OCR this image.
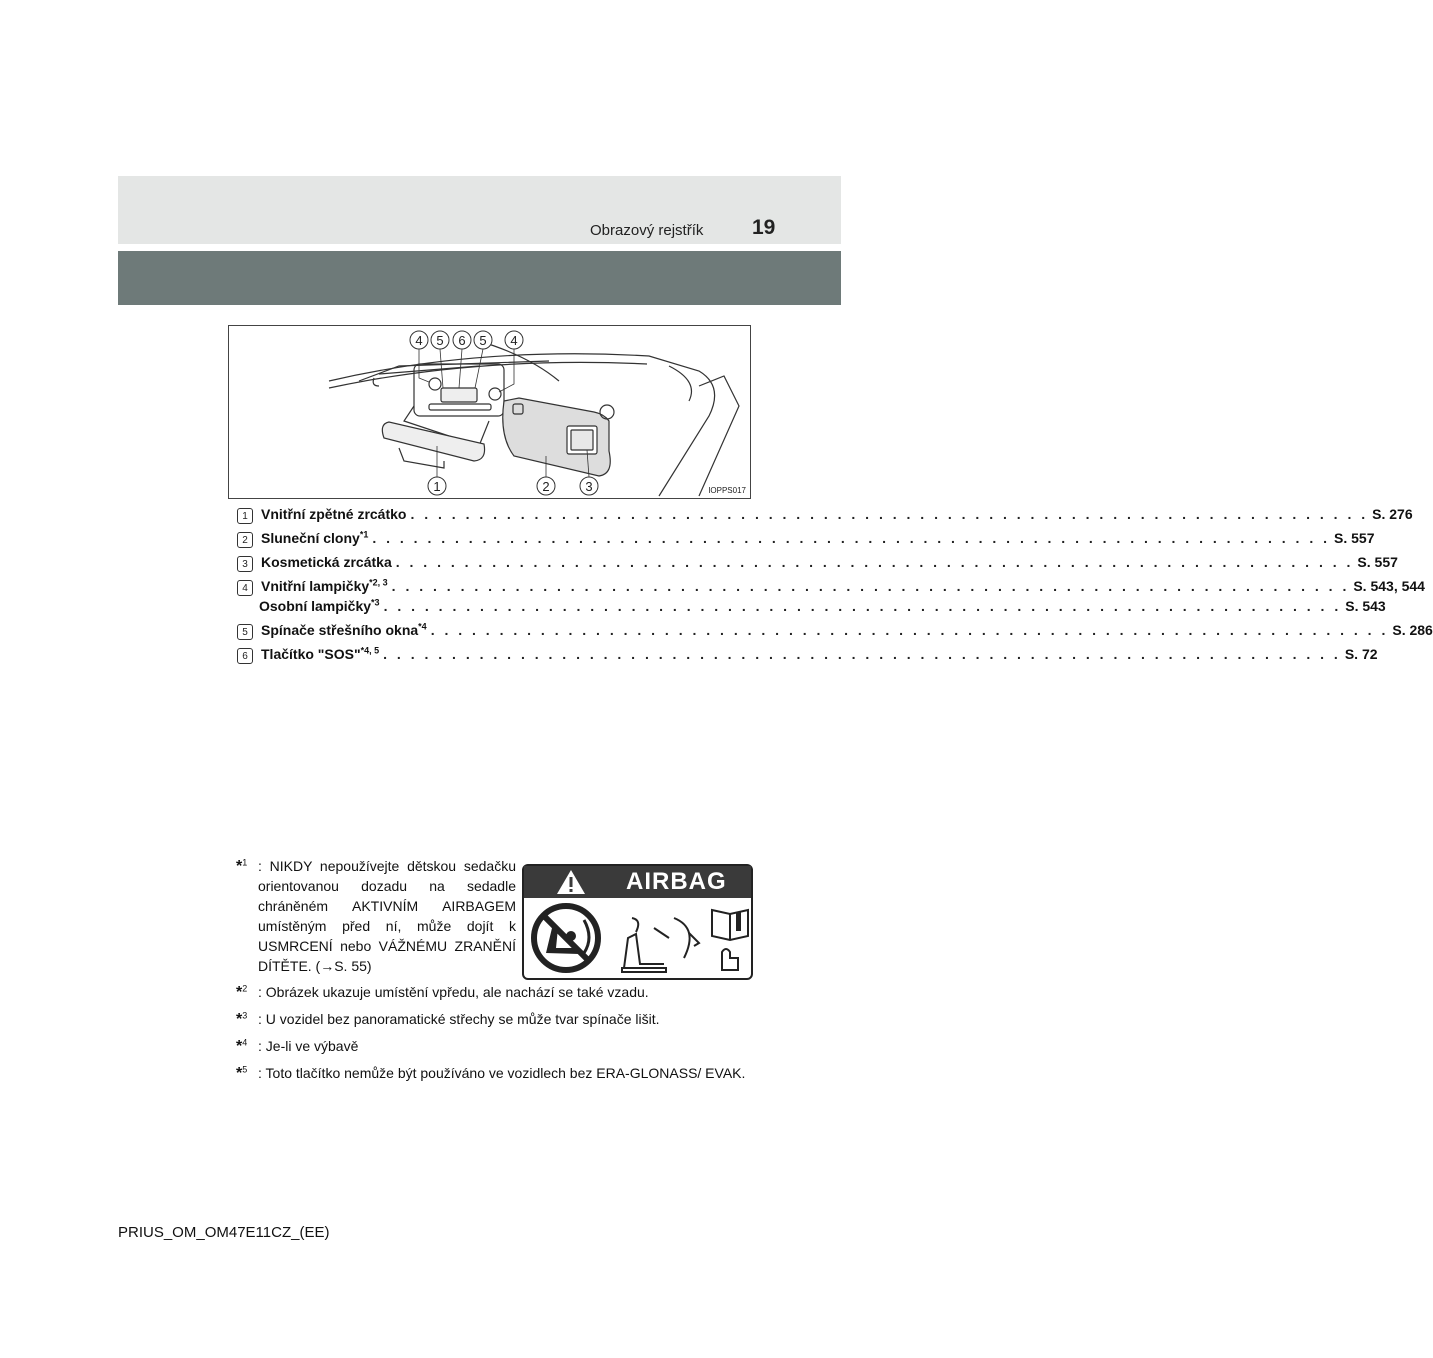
Obrazový rejstřík 19
4 5 6 5 4
1	2	3	IOPPS017
1 Vnitřní zpětné zrcátko . . .	S. 276
2 Sluneční clony$^{*1}$ . . .	S. 557
3 Kosmetická zrcátka . . .	S. 557
4 Vnitřní lampičky$^{*2, 3}$ . . .	S. 543, 544
Osobní lampičky$^{*3}$ . . .	S. 543
5 Spínače střešního okna$^{*4}$ . . .	S. 286
6 Tlačítko "SOS"$^{*4, 5}$ . . .	S. 72
*$^1$ : NIKDY nepoužívejte dětskou sedačku orientovanou dozadu na sedadle chráněném AKTIVNÍM AIRBAGEM umístěným před ní, může dojít k USMRCENÍ nebo VÁŽNÉMU ZRANĚNÍ DÍTĚTE. (→S. 55)
*$^2$ : Obrázek ukazuje umístění vpředu, ale nachází se také vzadu.
*$^3$ : U vozidel bez panoramatické střechy se může tvar spínače lišit.
*$^4$ : Je-li ve výbavě
*$^5$ : Toto tlačítko nemůže být používáno ve vozidlech bez ERA-GLONASS/ EVAK.
AIRBAG
PRIUS_OM_OM47E11CZ_(EE)
